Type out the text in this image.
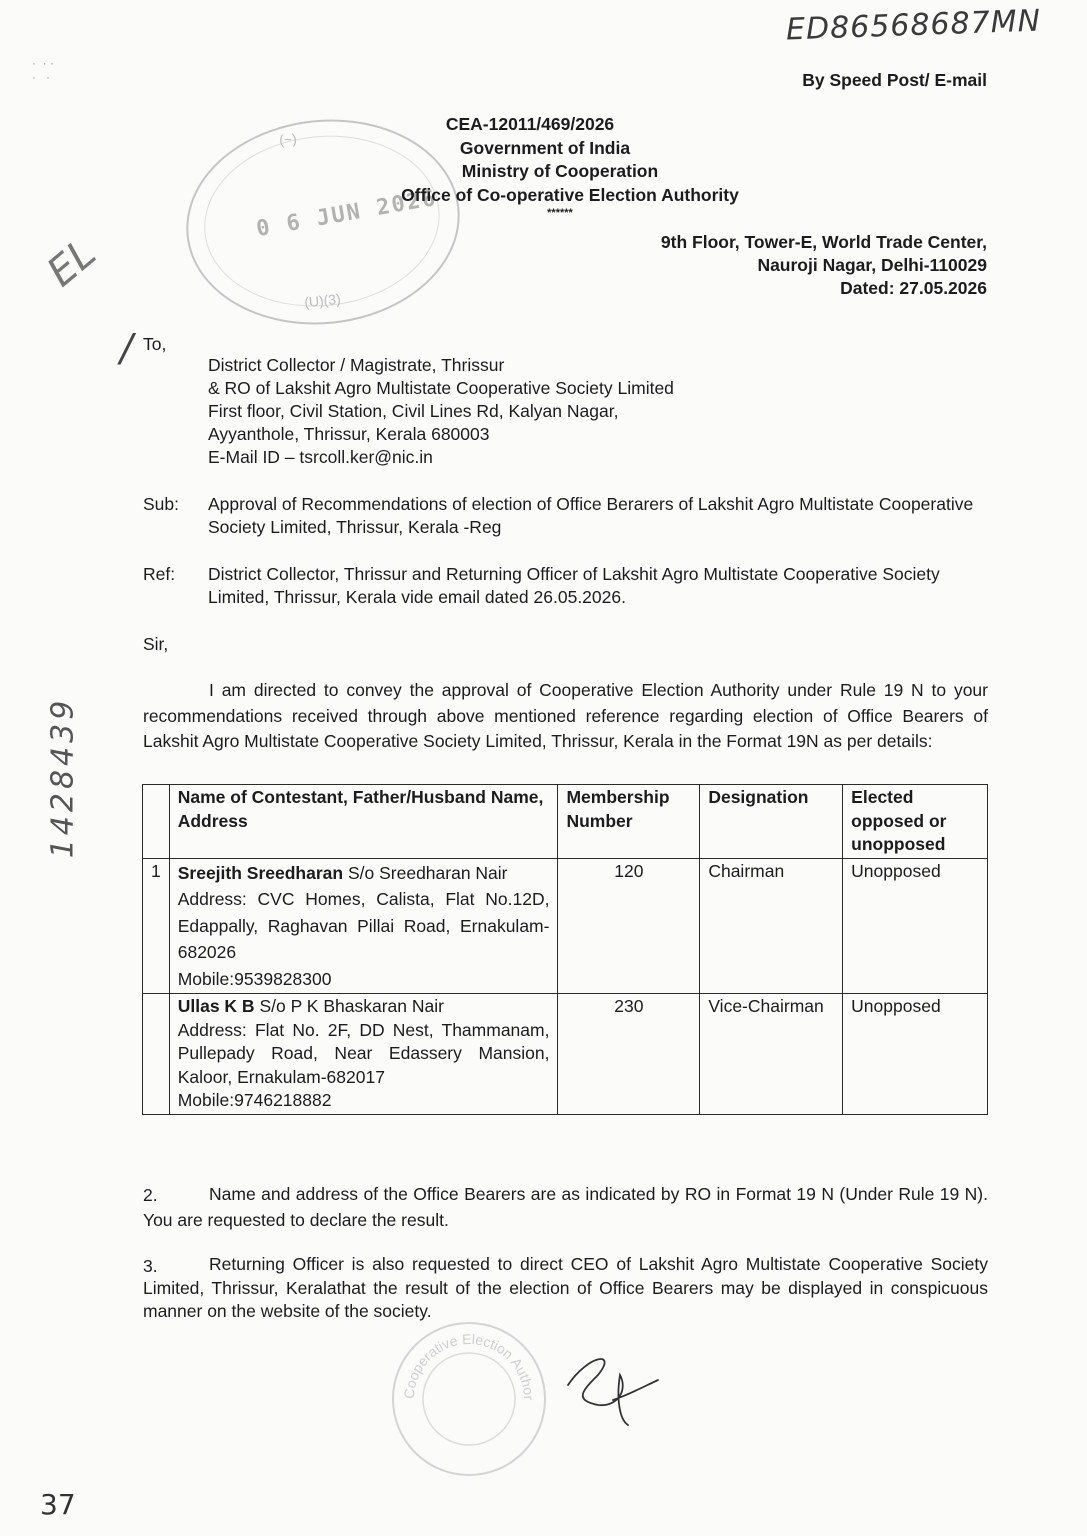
ED86568687MN
·  · ·
·   ·	By Speed Post/ E-mail
(~)
0 6 JUN 2026
(U)(3)
CEA-12011/469/2026
Government of India
Ministry of Cooperation
Office of Co-operative Election Authority
******
9th Floor, Tower-E, World Trade Center,
Nauroji Nagar, Delhi-110029
Dated: 27.05.2026
EL
1428439
/ To,
District Collector / Magistrate, Thrissur
& RO of Lakshit Agro Multistate Cooperative Society Limited
First floor, Civil Station, Civil Lines Rd, Kalyan Nagar,
Ayyanthole, Thrissur, Kerala 680003
E-Mail ID – tsrcoll.ker@nic.in
Sub: Approval of Recommendations of election of Office Berarers of Lakshit Agro Multistate Cooperative Society Limited, Thrissur, Kerala -Reg
Ref: District Collector, Thrissur and Returning Officer of Lakshit Agro Multistate Cooperative Society Limited, Thrissur, Kerala vide email dated 26.05.2026.
Sir,
I am directed to convey the approval of Cooperative Election Authority under Rule 19 N to your recommendations received through above mentioned reference regarding election of Office Bearers of Lakshit Agro Multistate Cooperative Society Limited, Thrissur, Kerala in the Format 19N as per details:
	Name of Contestant, Father/Husband Name, Address	Membership Number	Designation	Elected opposed or unopposed
1	Sreejith Sreedharan S/o Sreedharan Nair
Address: CVC Homes, Calista, Flat No.12D, Edappally, Raghavan Pillai Road, Ernakulam-682026
Mobile:9539828300	120	Chairman	Unopposed
	Ullas K B S/o P K Bhaskaran Nair
Address: Flat No. 2F, DD Nest, Thammanam, Pullepady Road, Near Edassery Mansion, Kaloor, Ernakulam-682017
Mobile:9746218882	230	Vice-Chairman	Unopposed
2.	Name and address of the Office Bearers are as indicated by RO in Format 19 N (Under Rule 19 N). You are requested to declare the result.
3.	Returning Officer is also requested to direct CEO of Lakshit Agro Multistate Cooperative Society Limited, Thrissur, Keralathat the result of the election of Office Bearers may be displayed in conspicuous manner on the website of the society.
Cooperative Election Author
37
